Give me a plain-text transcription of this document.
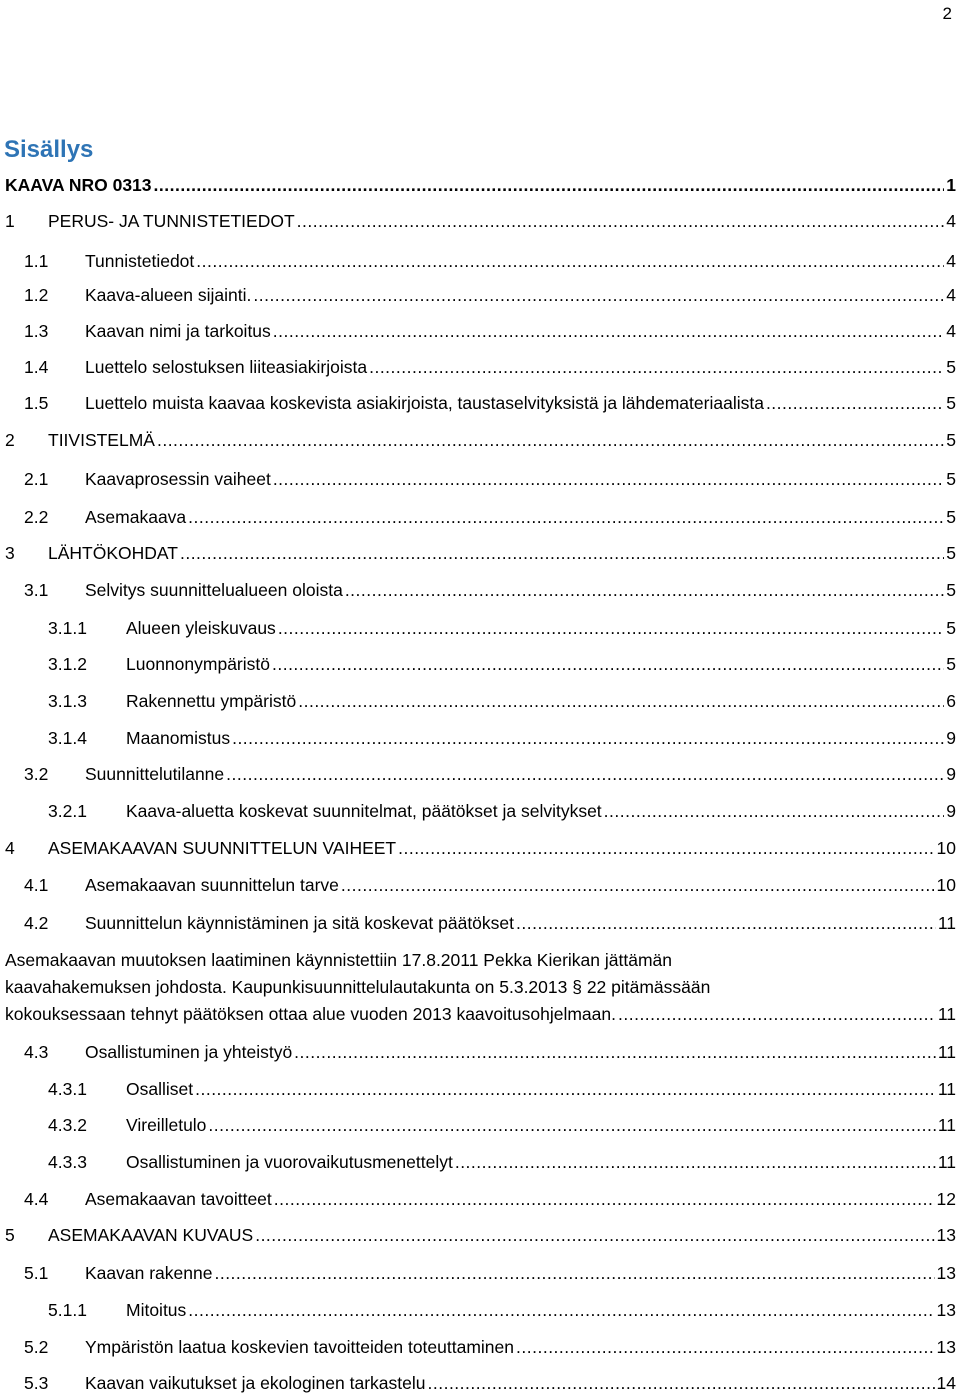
2
Sisällys
KAAVA NRO 0313 .....	1
1 PERUS- JA TUNNISTETIEDOT .....	4
1.1 Tunnistetiedot .....	4
1.2 Kaava-alueen sijainti. .....	4
1.3 Kaavan nimi ja tarkoitus .....	4
1.4 Luettelo selostuksen liiteasiakirjoista .....	5
1.5 Luettelo muista kaavaa koskevista asiakirjoista, taustaselvityksistä ja lähdemateriaalista .....	5
2 TIIVISTELMÄ .....	5
2.1 Kaavaprosessin vaiheet .....	5
2.2 Asemakaava .....	5
3 LÄHTÖKOHDAT .....	5
3.1 Selvitys suunnittelualueen oloista .....	5
3.1.1 Alueen yleiskuvaus .....	5
3.1.2 Luonnonympäristö .....	5
3.1.3 Rakennettu ympäristö .....	6
3.1.4 Maanomistus .....	9
3.2 Suunnittelutilanne .....	9
3.2.1 Kaava-aluetta koskevat suunnitelmat, päätökset ja selvitykset .....	9
4 ASEMAKAAVAN SUUNNITTELUN VAIHEET .....	10
4.1 Asemakaavan suunnittelun tarve .....	10
4.2 Suunnittelun käynnistäminen ja sitä koskevat päätökset .....	11
Asemakaavan muutoksen laatiminen käynnistettiin 17.8.2011 Pekka Kierikan jättämän
kaavahakemuksen johdosta. Kaupunkisuunnittelulautakunta on 5.3.2013 § 22 pitämässään
kokouksessaan tehnyt päätöksen ottaa alue vuoden 2013 kaavoitusohjelmaan. .....	11
4.3 Osallistuminen ja yhteistyö .....	11
4.3.1 Osalliset .....	11
4.3.2 Vireilletulo .....	11
4.3.3 Osallistuminen ja vuorovaikutusmenettelyt .....	11
4.4 Asemakaavan tavoitteet .....	12
5 ASEMAKAAVAN KUVAUS .....	13
5.1 Kaavan rakenne .....	13
5.1.1 Mitoitus .....	13
5.2 Ympäristön laatua koskevien tavoitteiden toteuttaminen .....	13
5.3 Kaavan vaikutukset ja ekologinen tarkastelu .....	14
